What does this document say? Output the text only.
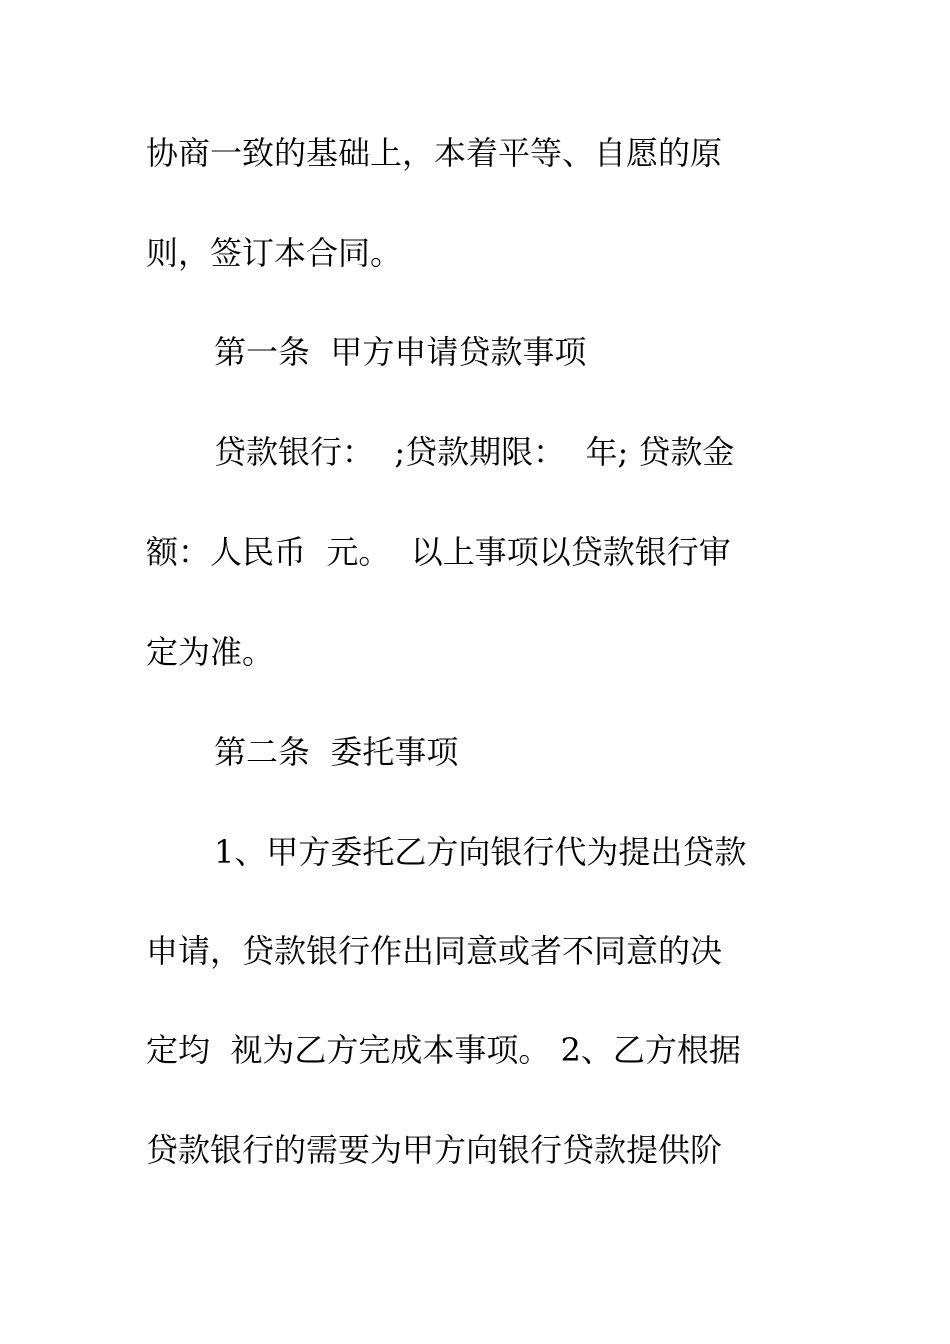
协商一致的基础上，本着平等、自愿的原
则，签订本合同。
第一条  甲方申请贷款事项
贷款银行：  ;贷款期限：  年; 贷款金
额：人民币  元。  以上事项以贷款银行审
定为准。
第二条  委托事项
1、甲方委托乙方向银行代为提出贷款
申请，贷款银行作出同意或者不同意的决
定均  视为乙方完成本事项。 2、乙方根据
贷款银行的需要为甲方向银行贷款提供阶
